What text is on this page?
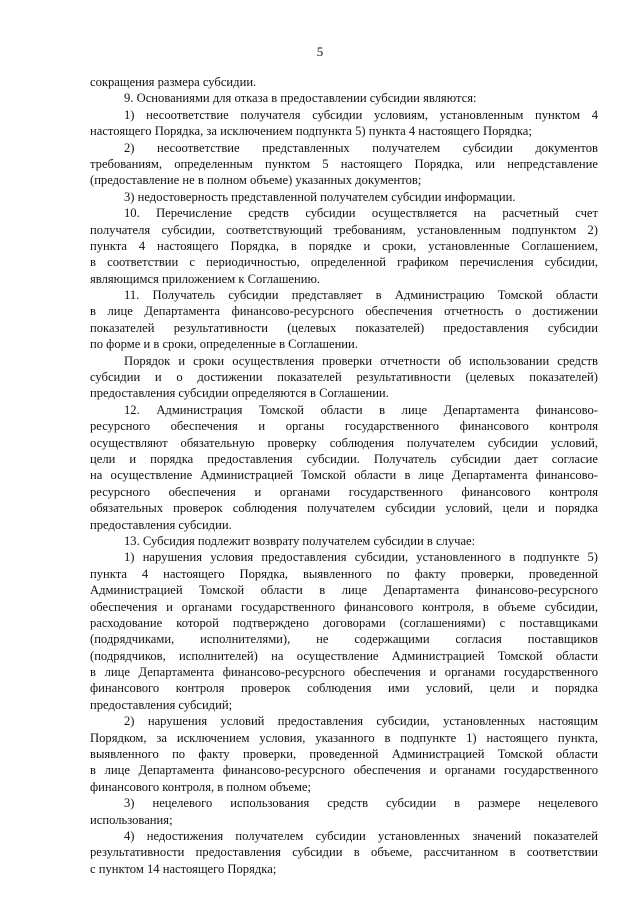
5
сокращения размера субсидии.
9. Основаниями для отказа в предоставлении субсидии являются:
1) несоответствие получателя субсидии условиям, установленным пунктом 4
настоящего Порядка, за исключением подпункта 5) пункта 4 настоящего Порядка;
2) несоответствие представленных получателем субсидии документов
требованиям, определенным пунктом 5 настоящего Порядка, или непредставление
(предоставление не в полном объеме) указанных документов;
3) недостоверность представленной получателем субсидии информации.
10. Перечисление средств субсидии осуществляется на расчетный счет
получателя субсидии, соответствующий требованиям, установленным подпунктом 2)
пункта 4 настоящего Порядка, в порядке и сроки, установленные Соглашением,
в соответствии с периодичностью, определенной графиком перечисления субсидии,
являющимся приложением к Соглашению.
11. Получатель субсидии представляет в Администрацию Томской области
в лице Департамента финансово-ресурсного обеспечения отчетность о достижении
показателей результативности (целевых показателей) предоставления субсидии
по форме и в сроки, определенные в Соглашении.
Порядок и сроки осуществления проверки отчетности об использовании средств
субсидии и о достижении показателей результативности (целевых показателей)
предоставления субсидии определяются в Соглашении.
12. Администрация Томской области в лице Департамента финансово-
ресурсного обеспечения и органы государственного финансового контроля
осуществляют обязательную проверку соблюдения получателем субсидии условий,
цели и порядка предоставления субсидии. Получатель субсидии дает согласие
на осуществление Администрацией Томской области в лице Департамента финансово-
ресурсного обеспечения и органами государственного финансового контроля
обязательных проверок соблюдения получателем субсидии условий, цели и порядка
предоставления субсидии.
13. Субсидия подлежит возврату получателем субсидии в случае:
1) нарушения условия предоставления субсидии, установленного в подпункте 5)
пункта 4 настоящего Порядка, выявленного по факту проверки, проведенной
Администрацией Томской области в лице Департамента финансово-ресурсного
обеспечения и органами государственного финансового контроля, в объеме субсидии,
расходование которой подтверждено договорами (соглашениями) с поставщиками
(подрядчиками, исполнителями), не содержащими согласия поставщиков
(подрядчиков, исполнителей) на осуществление Администрацией Томской области
в лице Департамента финансово-ресурсного обеспечения и органами государственного
финансового контроля проверок соблюдения ими условий, цели и порядка
предоставления субсидий;
2) нарушения условий предоставления субсидии, установленных настоящим
Порядком, за исключением условия, указанного в подпункте 1) настоящего пункта,
выявленного по факту проверки, проведенной Администрацией Томской области
в лице Департамента финансово-ресурсного обеспечения и органами государственного
финансового контроля, в полном объеме;
3) нецелевого использования средств субсидии в размере нецелевого
использования;
4) недостижения получателем субсидии установленных значений показателей
результативности предоставления субсидии в объеме, рассчитанном в соответствии
с пунктом 14 настоящего Порядка;
